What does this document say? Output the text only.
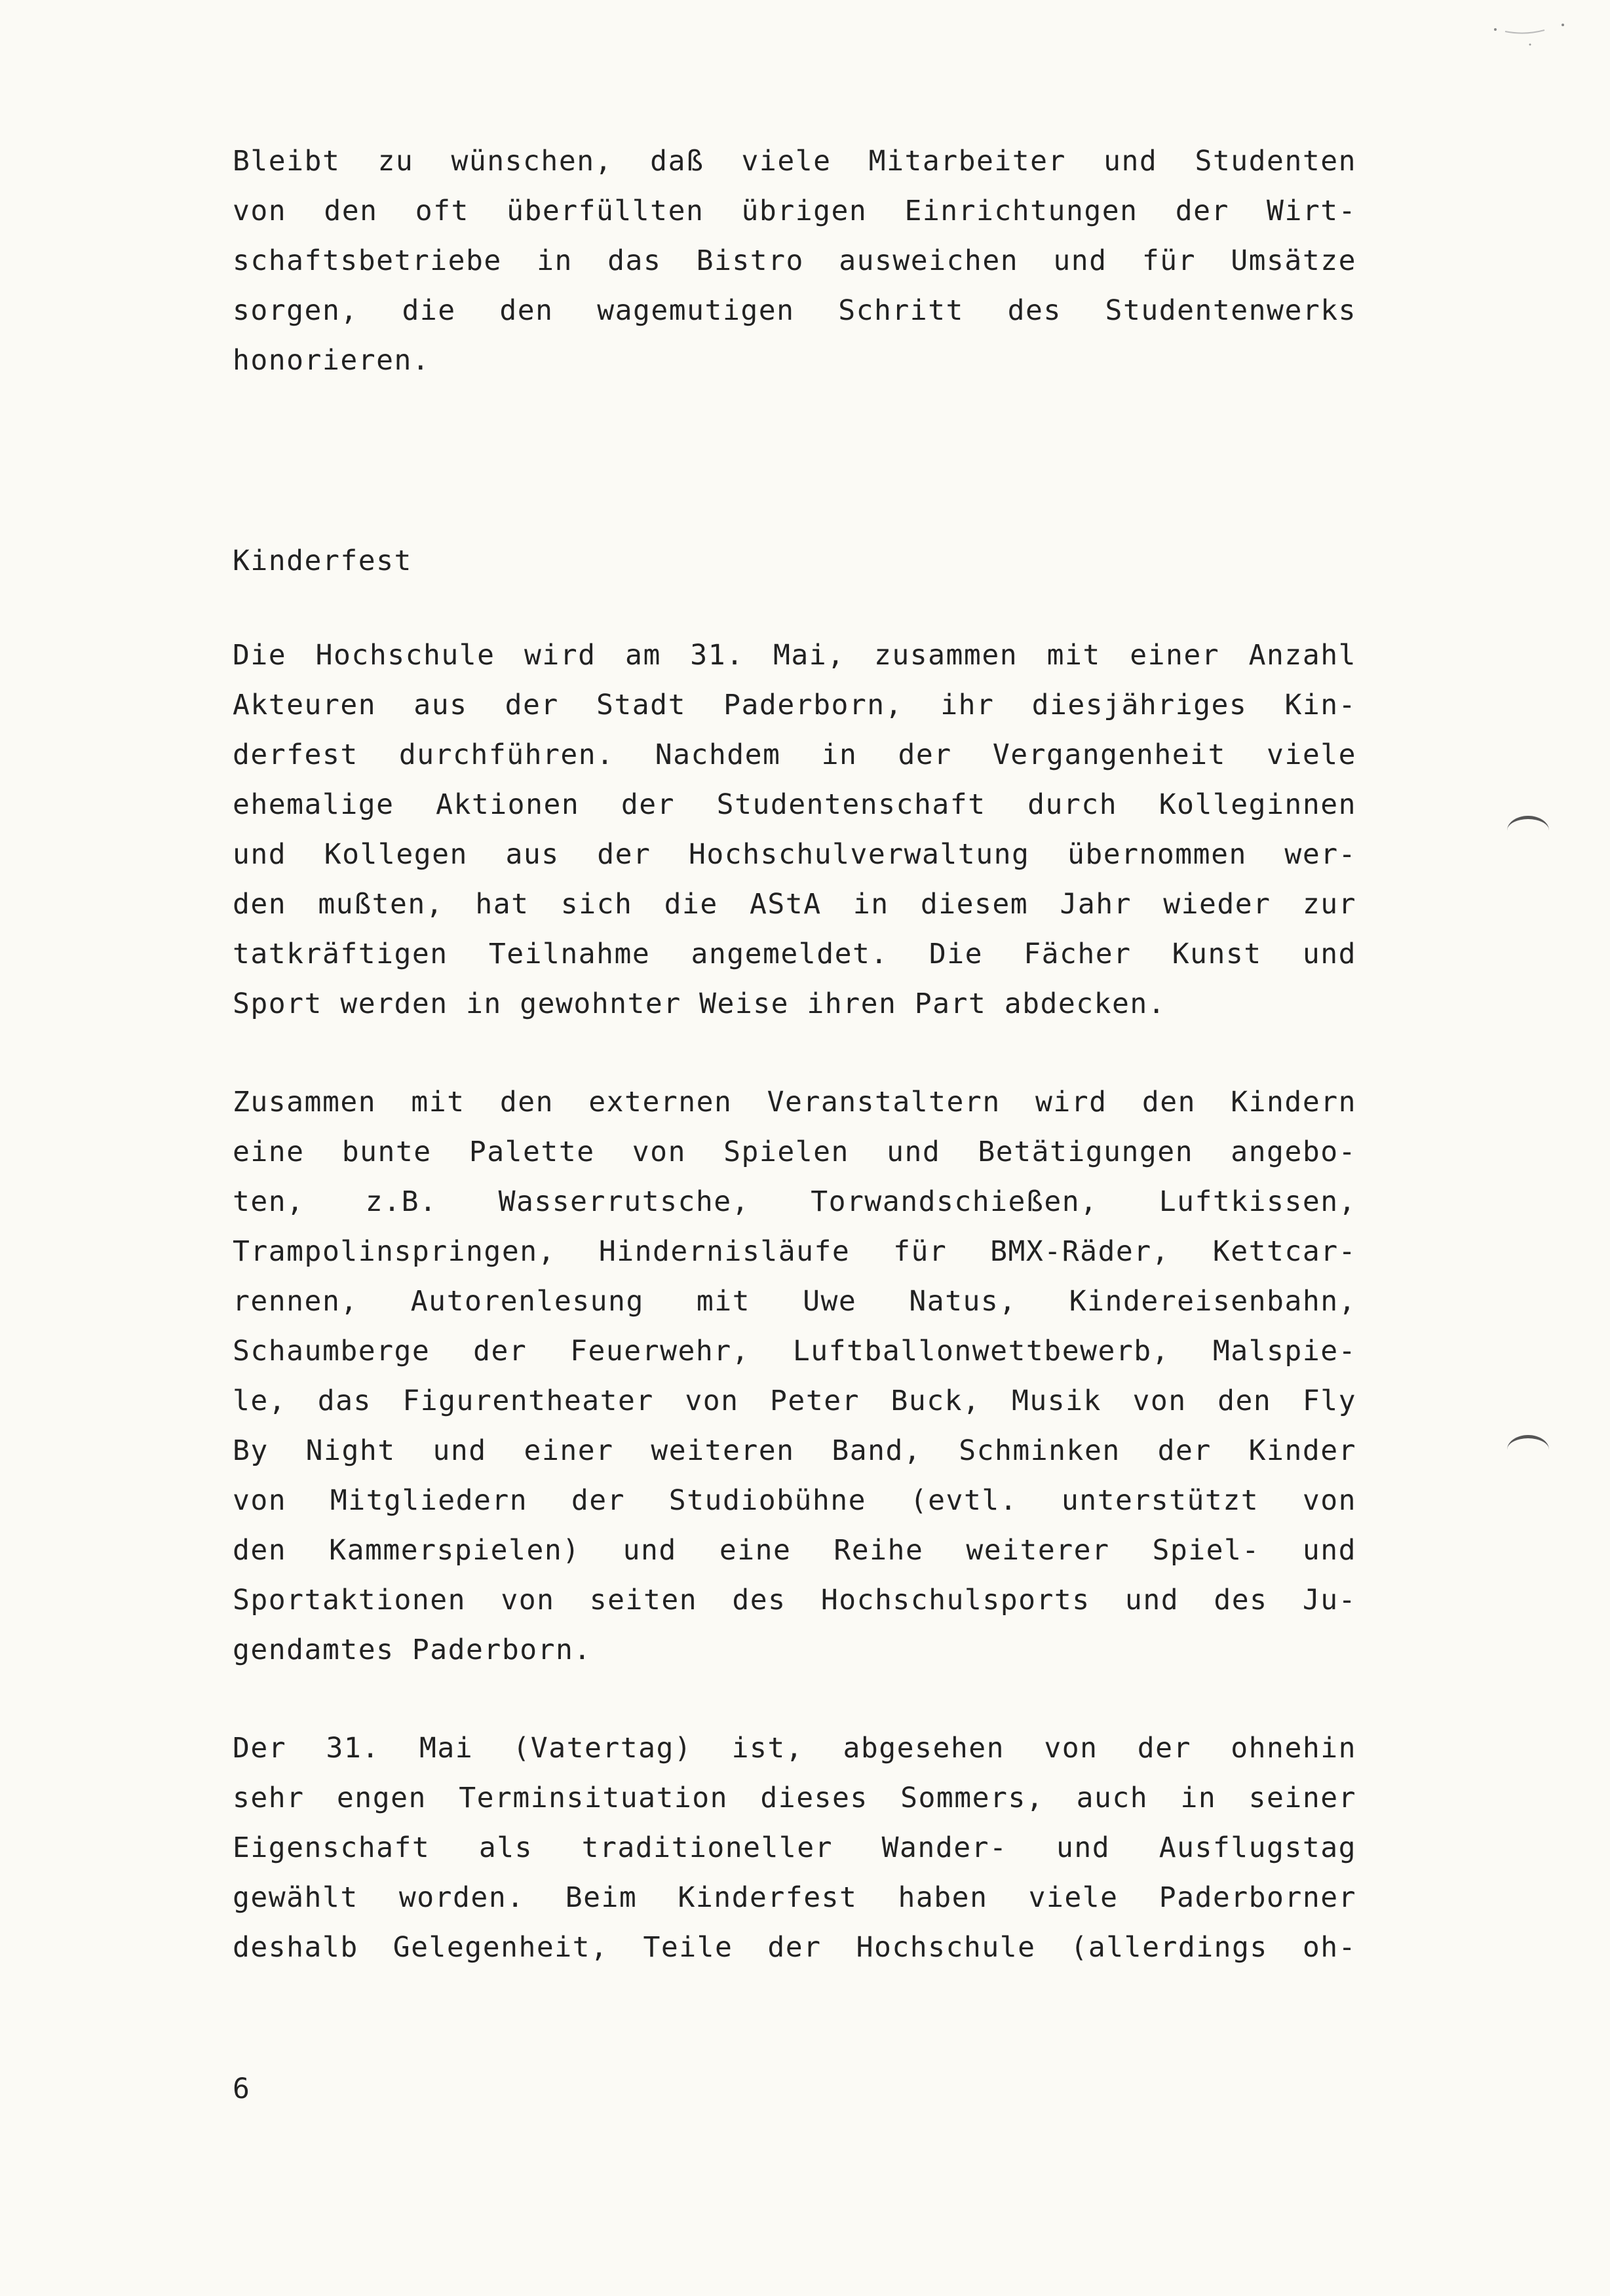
Bleibt zu wünschen, daß viele Mitarbeiter und Studenten
von den oft überfüllten übrigen Einrichtungen der Wirt-
schaftsbetriebe in das Bistro ausweichen und für Umsätze
sorgen, die den wagemutigen Schritt des Studentenwerks
honorieren.
Kinderfest
Die Hochschule wird am 31. Mai, zusammen mit einer Anzahl
Akteuren aus der Stadt Paderborn, ihr diesjähriges Kin-
derfest durchführen. Nachdem in der Vergangenheit viele
ehemalige Aktionen der Studentenschaft durch Kolleginnen
und Kollegen aus der Hochschulverwaltung übernommen wer-
den mußten, hat sich die AStA in diesem Jahr wieder zur
tatkräftigen Teilnahme angemeldet. Die Fächer Kunst und
Sport werden in gewohnter Weise ihren Part abdecken.
Zusammen mit den externen Veranstaltern wird den Kindern
eine bunte Palette von Spielen und Betätigungen angebo-
ten, z.B. Wasserrutsche, Torwandschießen, Luftkissen,
Trampolinspringen, Hindernisläufe für BMX-Räder, Kettcar-
rennen, Autorenlesung mit Uwe Natus, Kindereisenbahn,
Schaumberge der Feuerwehr, Luftballonwettbewerb, Malspie-
le, das Figurentheater von Peter Buck, Musik von den Fly
By Night und einer weiteren Band, Schminken der Kinder
von Mitgliedern der Studiobühne (evtl. unterstützt von
den Kammerspielen) und eine Reihe weiterer Spiel- und
Sportaktionen von seiten des Hochschulsports und des Ju-
gendamtes Paderborn.
Der 31. Mai (Vatertag) ist, abgesehen von der ohnehin
sehr engen Terminsituation dieses Sommers, auch in seiner
Eigenschaft als traditioneller Wander- und Ausflugstag
gewählt worden. Beim Kinderfest haben viele Paderborner
deshalb Gelegenheit, Teile der Hochschule (allerdings oh-
6
